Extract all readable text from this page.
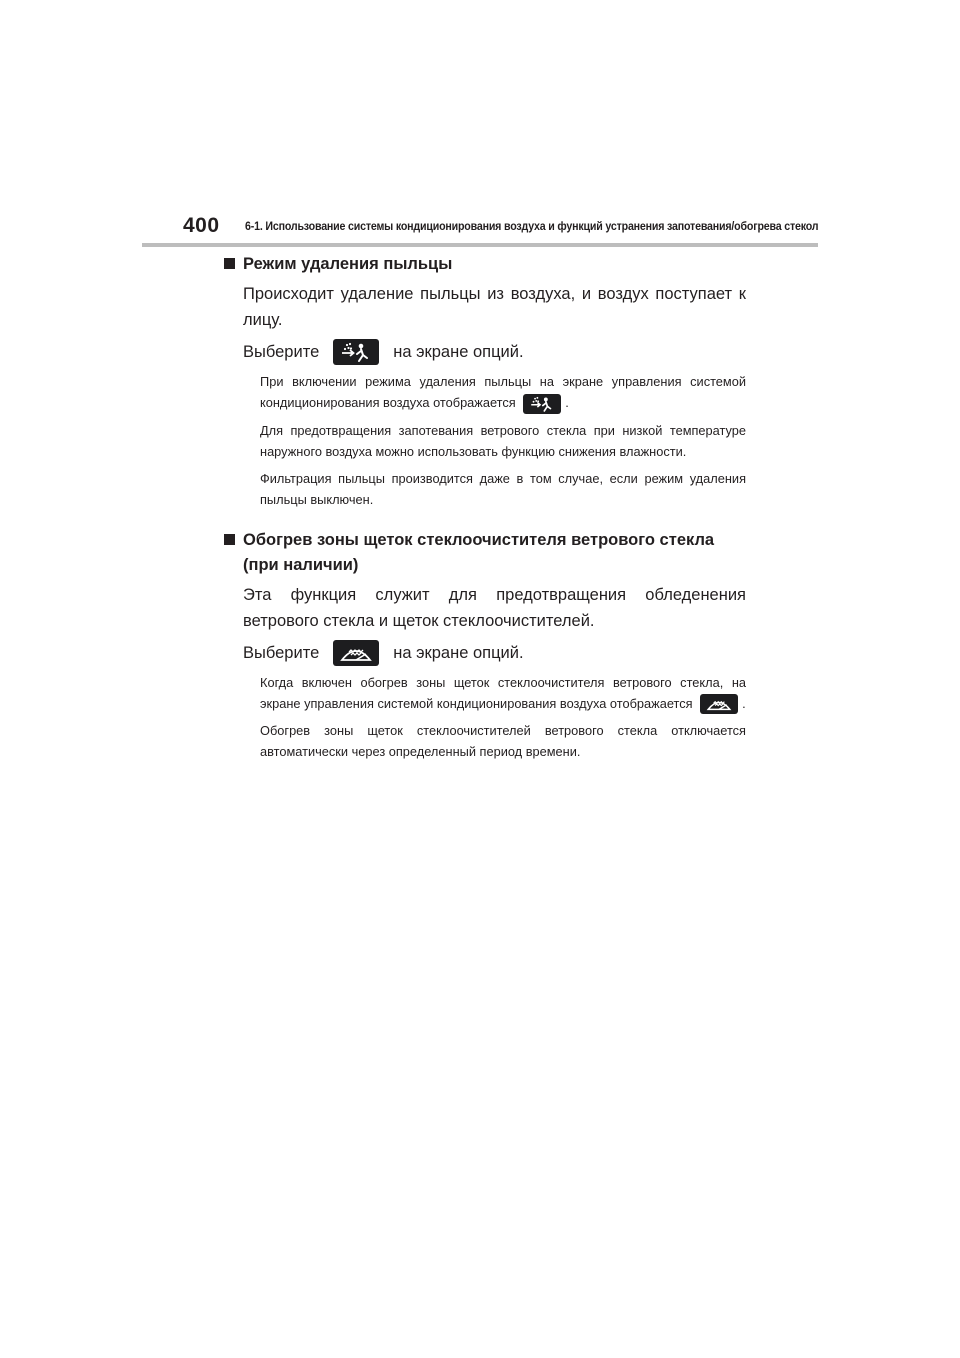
400 6-1. Использование системы кондиционирования воздуха и функций устранения запотевания/обогрева стекол
Режим удаления пыльцы

Происходит удаление пыльцы из воздуха, и воздух поступает к лицу.

Выберите	на экране опций.

При включении режима удаления пыльцы на экране управления системой кондиционирования воздуха отображается	.

Для предотвращения запотевания ветрового стекла при низкой температуре наружного воздуха можно использовать функцию снижения влажности.

Фильтрация пыльцы производится даже в том случае, если режим удаления пыльцы выключен.

Обогрев зоны щеток стеклоочистителя ветрового стекла (при наличии)

Эта функция служит для предотвращения обледенения ветрового стекла и щеток стеклоочистителей.

Выберите	на экране опций.

Когда включен обогрев зоны щеток стеклоочистителя ветрового стекла, на экране управления системой кондиционирования воздуха отображается	.

Обогрев зоны щеток стеклоочистителей ветрового стекла отключается автоматически через определенный период времени.
